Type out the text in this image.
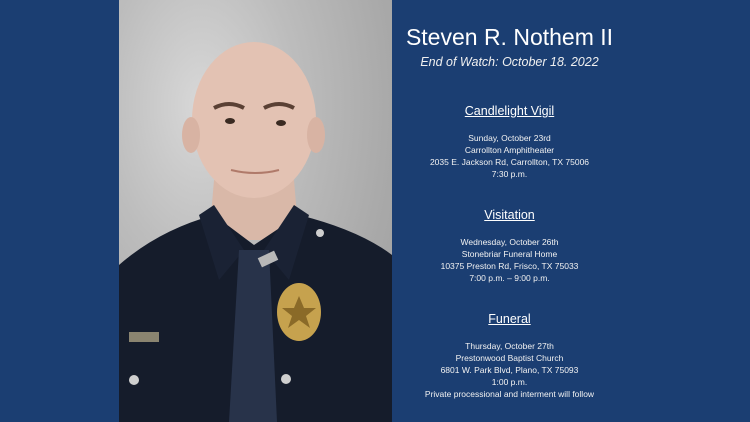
Steven R. Nothem II
End of Watch: October 18. 2022
Candlelight Vigil
Sunday, October 23rd
Carrollton Amphitheater
2035 E. Jackson Rd, Carrollton, TX 75006
7:30 p.m.
Visitation
Wednesday, October 26th
Stonebriar Funeral Home
10375 Preston Rd, Frisco, TX 75033
7:00 p.m. – 9:00 p.m.
Funeral
Thursday, October 27th
Prestonwood Baptist Church
6801 W. Park Blvd, Plano, TX 75093
1:00 p.m.
Private processional and interment will follow
